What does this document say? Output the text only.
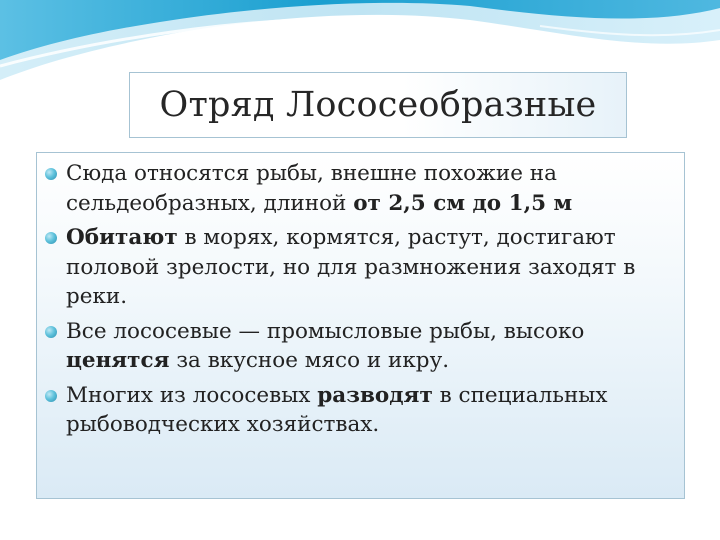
Отряд Лососеобразные
Сюда относятся рыбы, внешне похожие на сельдеобразных, длиной от 2,5 см до 1,5 м
Обитают в морях, кормятся, растут, достигают половой зрелости, но для размножения заходят в реки.
Все лососевые — промысловые рыбы, высоко ценятся за вкусное мясо и икру.
Многих из лососевых разводят в специальных рыбоводческих хозяйствах.
